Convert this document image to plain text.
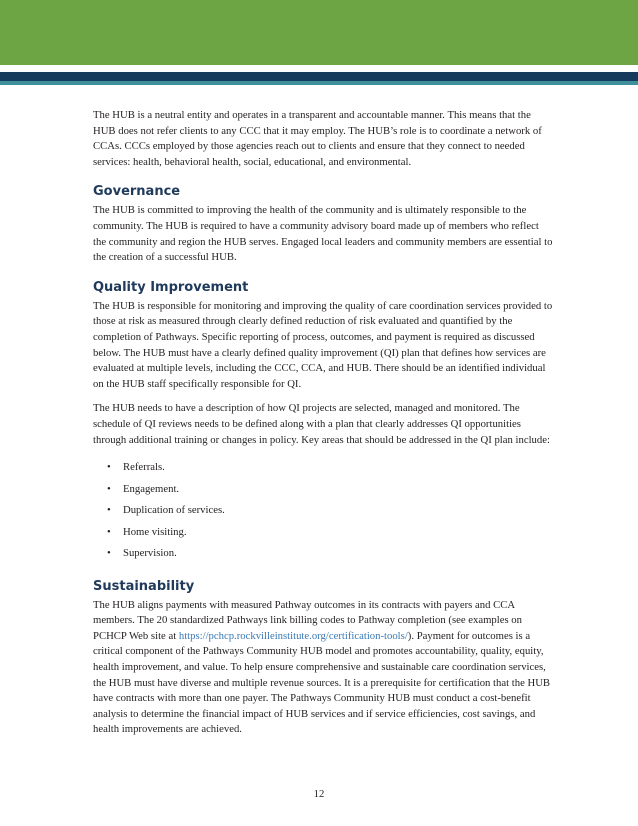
The HUB is a neutral entity and operates in a transparent and accountable manner. This means that the HUB does not refer clients to any CCC that it may employ. The HUB’s role is to coordinate a network of CCAs. CCCs employed by those agencies reach out to clients and ensure that they connect to needed services: health, behavioral health, social, educational, and environmental.

Governance

The HUB is committed to improving the health of the community and is ultimately responsible to the community. The HUB is required to have a community advisory board made up of members who reflect the community and region the HUB serves. Engaged local leaders and community members are essential to the creation of a successful HUB.

Quality Improvement

The HUB is responsible for monitoring and improving the quality of care coordination services provided to those at risk as measured through clearly defined reduction of risk evaluated and quantified by the completion of Pathways. Specific reporting of process, outcomes, and payment is required as discussed below. The HUB must have a clearly defined quality improvement (QI) plan that defines how services are evaluated at multiple levels, including the CCC, CCA, and HUB. There should be an identified individual on the HUB staff specifically responsible for QI.

The HUB needs to have a description of how QI projects are selected, managed and monitored. The schedule of QI reviews needs to be defined along with a plan that clearly addresses QI opportunities through additional training or changes in policy. Key areas that should be addressed in the QI plan include:

• Referrals.
• Engagement.
• Duplication of services.
• Home visiting.
• Supervision.
Sustainability

The HUB aligns payments with measured Pathway outcomes in its contracts with payers and CCA members. The 20 standardized Pathways link billing codes to Pathway completion (see examples on PCHCP Web site at https://pchcp.rockvilleinstitute.org/certification-tools/). Payment for outcomes is a critical component of the Pathways Community HUB model and promotes accountability, quality, equity, health improvement, and value. To help ensure comprehensive and sustainable care coordination services, the HUB must have diverse and multiple revenue sources. It is a prerequisite for certification that the HUB have contracts with more than one payer. The Pathways Community HUB must conduct a cost-benefit analysis to determine the financial impact of HUB services and if service efficiencies, cost savings, and health improvements are achieved.

12
